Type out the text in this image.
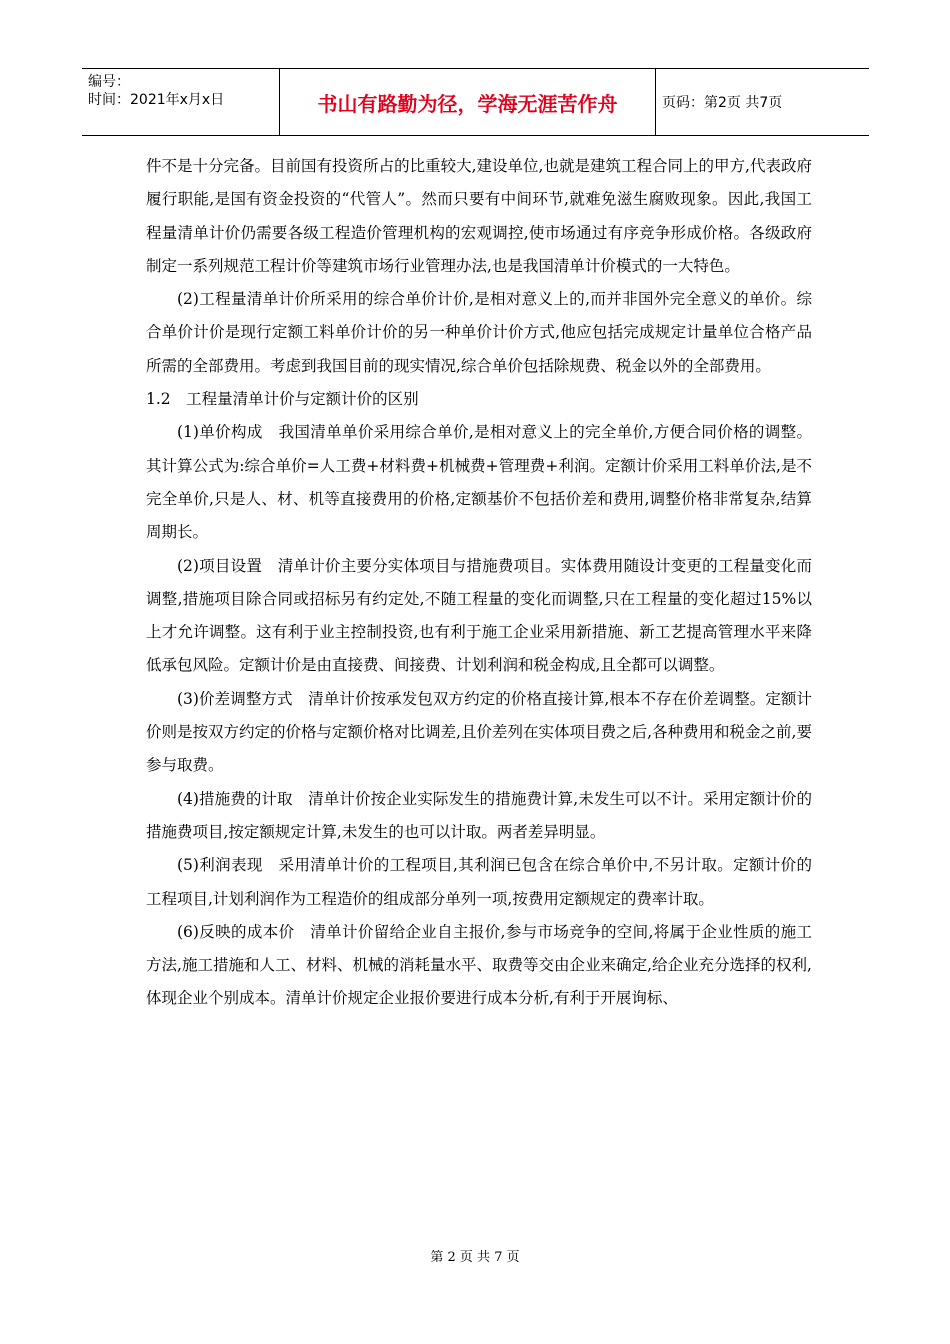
编号：
时间：2021年x月x日	书山有路勤为径，学海无涯苦作舟	页码：第2页 共7页

件不是十分完备。目前国有投资所占的比重较大,建设单位,也就是建筑工程合同上的甲方,代表政府履行职能,是国有资金投资的“代管人”。然而只要有中间环节,就难免滋生腐败现象。因此,我国工程量清单计价仍需要各级工程造价管理机构的宏观调控,使市场通过有序竞争形成价格。各级政府制定一系列规范工程计价等建筑市场行业管理办法,也是我国清单计价模式的一大特色。

(2)工程量清单计价所采用的综合单价计价,是相对意义上的,而并非国外完全意义的单价。综合单价计价是现行定额工料单价计价的另一种单价计价方式,他应包括完成规定计量单位合格产品所需的全部费用。考虑到我国目前的现实情况,综合单价包括除规费、税金以外的全部费用。

1.2　工程量清单计价与定额计价的区别

(1)单价构成　我国清单单价采用综合单价,是相对意义上的完全单价,方便合同价格的调整。其计算公式为:综合单价=人工费+材料费+机械费+管理费+利润。定额计价采用工料单价法,是不完全单价,只是人、材、机等直接费用的价格,定额基价不包括价差和费用,调整价格非常复杂,结算周期长。

(2)项目设置　清单计价主要分实体项目与措施费项目。实体费用随设计变更的工程量变化而调整,措施项目除合同或招标另有约定处,不随工程量的变化而调整,只在工程量的变化超过15%以上才允许调整。这有利于业主控制投资,也有利于施工企业采用新措施、新工艺提高管理水平来降低承包风险。定额计价是由直接费、间接费、计划利润和税金构成,且全都可以调整。

(3)价差调整方式　清单计价按承发包双方约定的价格直接计算,根本不存在价差调整。定额计价则是按双方约定的价格与定额价格对比调差,且价差列在实体项目费之后,各种费用和税金之前,要参与取费。

(4)措施费的计取　清单计价按企业实际发生的措施费计算,未发生可以不计。采用定额计价的措施费项目,按定额规定计算,未发生的也可以计取。两者差异明显。

(5)利润表现　采用清单计价的工程项目,其利润已包含在综合单价中,不另计取。定额计价的工程项目,计划利润作为工程造价的组成部分单列一项,按费用定额规定的费率计取。

(6)反映的成本价　清单计价留给企业自主报价,参与市场竞争的空间,将属于企业性质的施工方法,施工措施和人工、材料、机械的消耗量水平、取费等交由企业来确定,给企业充分选择的权利,体现企业个别成本。清单计价规定企业报价要进行成本分析,有利于开展询标、

第 2 页 共 7 页
